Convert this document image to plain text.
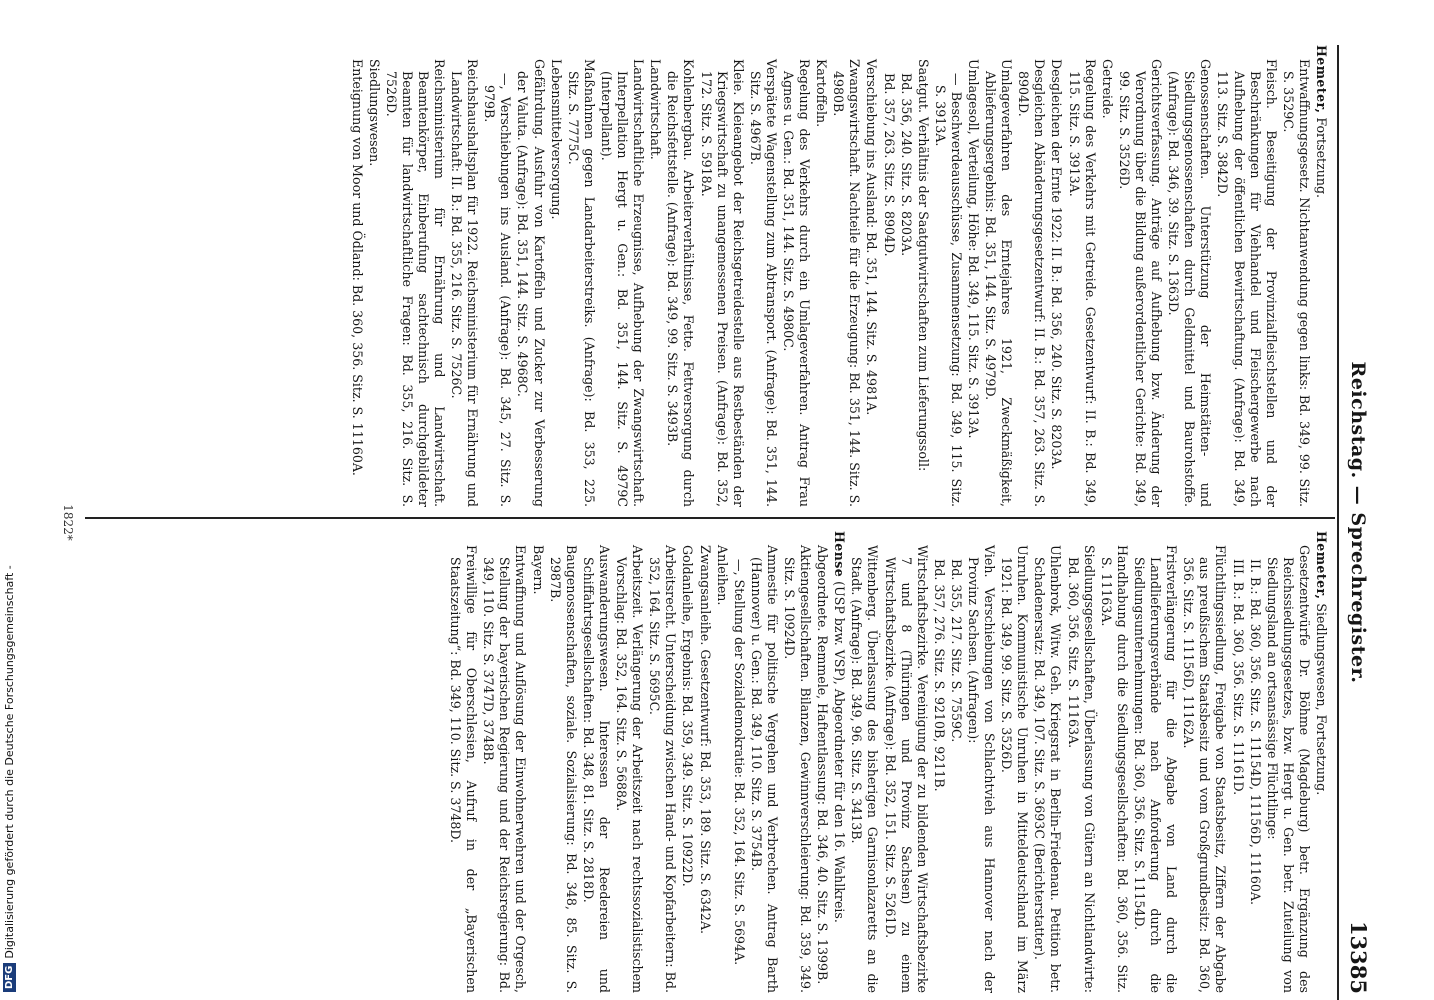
Reichstag. — Sprechregister.
13385
Hemeter, Fortsetzung.
Entwaffnungsgesetz. Nichtanwendung gegen links: Bd. 349, 99. Sitz. S. 3529C.
Fleisch. Beseitigung der Provinzialfleischstellen und der Beschränkungen für Viehhandel und Fleischergewerbe nach Aufhebung der öffentlichen Bewirtschaftung. (Anfrage): Bd. 349, 113. Sitz. S. 3842D.
Genossenschaften. Unterstützung der Heimstätten- und Siedlungsgenossenschaften durch Geldmittel und Baurohstoffe. (Anfrage): Bd. 346, 39. Sitz. S. 1363D.
Gerichtsverfassung. Anträge auf Aufhebung bzw. Änderung der Verordnung über die Bildung außerordentlicher Gerichte: Bd. 349, 99. Sitz. S. 3526D.
Getreide.
Regelung des Verkehrs mit Getreide. Gesetzentwurf: II. B.: Bd. 349, 115. Sitz. S. 3913A.
Desgleichen der Ernte 1922: II. B.: Bd. 356, 240. Sitz. S. 8203A.
Desgleichen Abänderungsgesetzentwurf: II. B.: Bd. 357, 263. Sitz. S. 8904D.
Umlageverfahren des Erntejahres 1921, Zweckmäßigkeit, Ablieferungsergebnis: Bd. 351, 144. Sitz. S. 4979D.
Umlagesoll, Verteilung, Höhe: Bd. 349, 115. Sitz. S. 3913A.
— Beschwerdeausschüsse, Zusammensetzung: Bd. 349, 115. Sitz. S. 3913A.
Saatgut. Verhältnis der Saatgutwirtschaften zum Lieferungssoll:
Bd. 356, 240. Sitz. S. 8203A.
Bd. 357, 263. Sitz. S. 8904D.
Verschiebung ins Ausland: Bd. 351, 144. Sitz. S. 4981A.
Zwangswirtschaft. Nachteile für die Erzeugung: Bd. 351, 144. Sitz. S. 4980B.
Kartoffeln.
Regelung des Verkehrs durch ein Umlageverfahren. Antrag Frau Agnes u. Gen.: Bd. 351, 144. Sitz. S. 4980C.
Verspätete Wagenstellung zum Abtransport. (Anfrage): Bd. 351, 144. Sitz. S. 4967B.
Kleie. Kleieangebot der Reichsgetreidestelle aus Restbeständen der Kriegswirtschaft zu unangemessenen Preisen. (Anfrage): Bd. 352, 172. Sitz. S. 5918A.
Kohlenbergbau. Arbeiterverhältnisse, Fette. Fettversorgung durch die Reichsfettstelle. (Anfrage): Bd. 349, 99. Sitz. S. 3493B.
Landwirtschaft.
Landwirtschaftliche Erzeugnisse, Aufhebung der Zwangswirtschaft. Interpellation Hergt u. Gen.: Bd. 351, 144. Sitz. S. 4979C (Interpellant).
Maßnahmen gegen Landarbeiterstreiks. (Anfrage): Bd. 353, 225. Sitz. S. 7775C.
Lebensmittelversorgung.
Gefährdung. Ausfuhr von Kartoffeln und Zucker zur Verbesserung der Valuta. (Anfrage): Bd. 351, 144. Sitz. S. 4968C.
—, Verschiebungen ins Ausland. (Anfrage): Bd. 345, 27. Sitz. S. 979B.
Reichshaushaltsplan für 1922. Reichsministerium für Ernährung und Landwirtschaft: II. B.: Bd. 355, 216. Sitz. S. 7526C.
Reichsministerium für Ernährung und Landwirtschaft. Beamtenkörper, Einberufung sachtechnisch durchgebildeter Beamten für landwirtschaftliche Fragen: Bd. 355, 216. Sitz. S. 7526D.
Siedlungswesen.
Enteignung von Moor und Ödland: Bd. 360, 356. Sitz. S. 11160A.
Hemeter, Siedlungswesen, Fortsetzung.
Gesetzentwürfe Dr. Böhme (Magdeburg) betr. Ergänzung des Reichssiedlungsgesetzes, bzw. Hergt u. Gen. betr. Zuteilung von Siedlungsland an ortsansässige Flüchtlinge:
II. B.: Bd. 360, 356. Sitz. S. 11154D, 11156D, 11160A.
III. B.: Bd. 360, 356. Sitz. S. 11161D.
Flüchtlingssiedlung, Freigabe von Staatsbesitz, Ziffern der Abgabe aus preußischem Staatsbesitz und vom Großgrundbesitz: Bd. 360, 356. Sitz. S. 11156D, 11162A.
Fristverlängerung für die Abgabe von Land durch die Landlieferungsverbände nach Anforderung durch die Siedlungsunternehmungen: Bd. 360, 356. Sitz. S. 11154D.
Handhabung durch die Siedlungsgesellschaften: Bd. 360, 356. Sitz. S. 11163A.
Siedlungsgesellschaften, Überlassung von Gütern an Nichtlandwirte: Bd. 360, 356. Sitz. S. 11163A.
Uhlenbrok, Witw. Geh. Kriegsrat in Berlin-Friedenau. Petition betr. Schadenersatz: Bd. 349, 107. Sitz. S. 3693C (Berichterstatter).
Unruhen. Kommunistische Unruhen in Mitteldeutschland im März 1921: Bd. 349, 99. Sitz. S. 3526D.
Vieh. Verschiebungen von Schlachtvieh aus Hannover nach der Provinz Sachsen. (Anfragen):
Bd. 355, 217. Sitz. S. 7559C.
Bd. 357, 276. Sitz. S. 9210B, 9211B.
Wirtschaftsbezirke. Vereinigung der zu bildenden Wirtschaftsbezirke 7 und 8 (Thüringen und Provinz Sachsen) zu einem Wirtschaftsbezirke. (Anfrage): Bd. 352, 151. Sitz. S. 5261D.
Wittenberg. Überlassung des bisherigen Garnisonlazaretts an die Stadt. (Anfrage): Bd. 349, 96. Sitz. S. 3413B.
Hense (USP bzw. VSP), Abgeordneter für den 16. Wahlkreis.
Abgeordnete. Remmele, Haftentlassung: Bd. 346, 40. Sitz. S. 1399B.
Aktiengesellschaften. Bilanzen, Gewinnverschleierung: Bd. 359, 349. Sitz. S. 10924D.
Amnestie für politische Vergehen und Verbrechen. Antrag Barth (Hannover) u. Gen.: Bd. 349, 110. Sitz. S. 3754B.
—, Stellung der Sozialdemokratie: Bd. 352, 164. Sitz. S. 5694A.
Anleihen.
Zwangsanleihe. Gesetzentwurf: Bd. 353, 189. Sitz. S. 6342A.
Goldanleihe, Ergebnis: Bd. 359, 349. Sitz. S. 10922D.
Arbeitsrecht. Unterscheidung zwischen Hand- und Kopfarbeitern: Bd. 352, 164. Sitz. S. 5695C.
Arbeitszeit. Verlängerung der Arbeitszeit nach rechtssozialistischem Vorschlag: Bd. 352, 164. Sitz. S. 5688A.
Auswanderungswesen. Interessen der Reedereien und Schiffahrtsgesellschaften: Bd. 348, 81. Sitz. S. 2818D.
Baugenossenschaften, soziale. Sozialisierung: Bd. 348, 85. Sitz. S. 2987B.
Bayern.
Entwaffnung und Auflösung der Einwohnerwehren und der Orgesch, Stellung der bayerischen Regierung und der Reichsregierung: Bd. 349, 110. Sitz. S. 3747D, 3748B.
Freiwillige für Oberschlesien, Aufruf in der „Bayerischen Staatszeitung“: Bd. 349, 110. Sitz. S. 3748D.
1822*
DFG
Digitalisierung gefördert durch die Deutsche Forschungsgemeinschaft -
